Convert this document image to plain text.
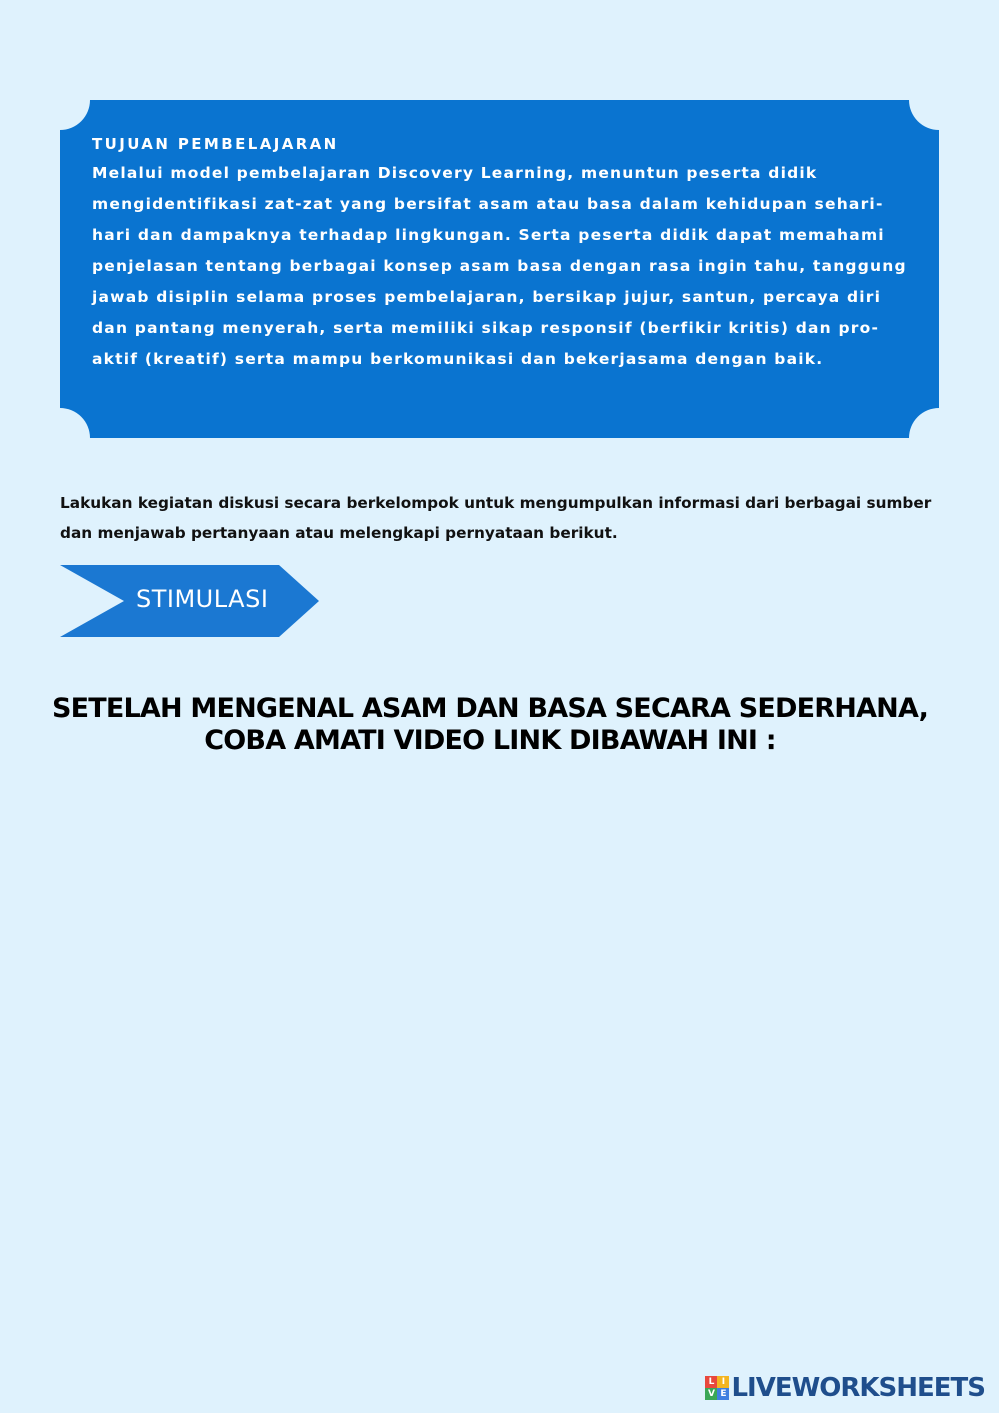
TUJUAN PEMBELAJARAN

Melalui model pembelajaran Discovery Learning, menuntun peserta didik mengidentifikasi zat-zat yang bersifat asam atau basa dalam kehidupan sehari-hari dan dampaknya terhadap lingkungan. Serta peserta didik dapat memahami penjelasan tentang berbagai konsep asam basa dengan rasa ingin tahu, tanggung jawab disiplin selama proses pembelajaran, bersikap jujur, santun, percaya diri dan pantang menyerah, serta memiliki sikap responsif (berfikir kritis) dan pro-aktif (kreatif) serta mampu berkomunikasi dan bekerjasama dengan baik.

Lakukan kegiatan diskusi secara berkelompok untuk mengumpulkan informasi dari berbagai sumber dan menjawab pertanyaan atau melengkapi pernyataan berikut.

STIMULASI
SETELAH MENGENAL ASAM DAN BASA SECARA SEDERHANA,
COBA AMATI VIDEO LINK DIBAWAH INI :
L I
V E LIVEWORKSHEETS
